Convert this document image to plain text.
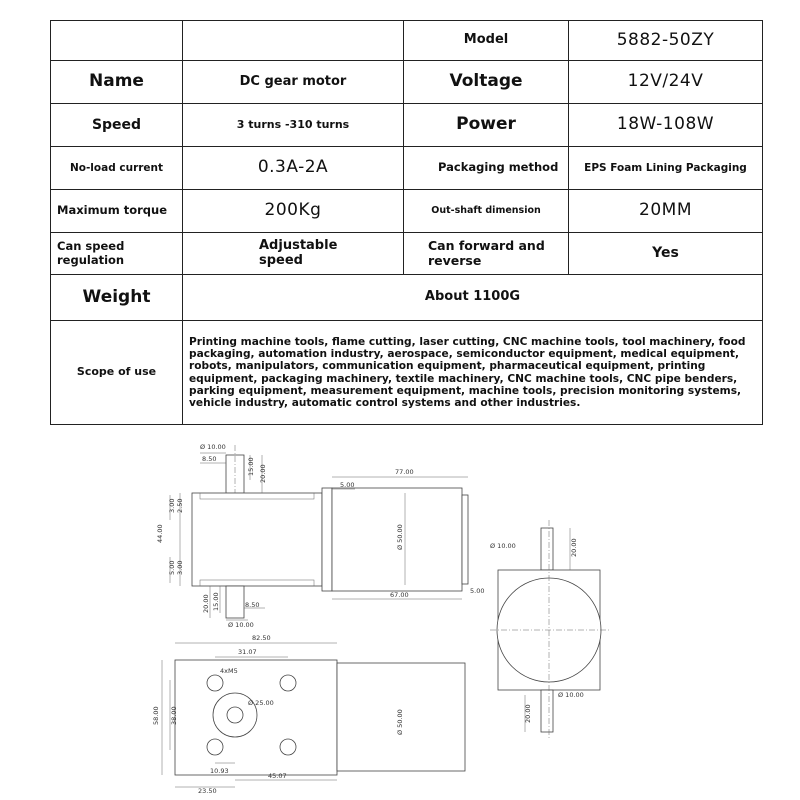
		Model	5882-50ZY
Name	DC gear motor	Voltage	12V/24V
Speed	3 turns -310 turns	Power	18W-108W
No-load current	0.3A-2A	Packaging method	EPS Foam Lining Packaging
Maximum torque	200Kg	Out-shaft dimension	20MM
Can speed regulation	Adjustable speed	Can forward and reverse	Yes
Weight	About 1100G		
Scope of use	Printing machine tools, flame cutting, laser cutting, CNC machine tools, tool machinery, food packaging, automation industry, aerospace, semiconductor equipment, medical equipment, robots, manipulators, communication equipment, pharmaceutical equipment, printing equipment, packaging machinery, textile machinery, CNC machine tools, CNC pipe benders, parking equipment, measurement equipment, machine tools, precision monitoring systems, vehicle industry, automatic control systems and other industries.		
Ø 10.00
8.50	15.00 20.00	77.00
5.00
44.00
3.00 2.50
5.00 3.00
Ø 50.00
67.00
20.00 15.00	8.50
Ø 10.00
Ø 10.00	20.00
5.00
Ø 10.00
20.00
82.50
31.07
4xM5
58.00 38.00
Ø 25.00
Ø 50.00
10.93
45.07
23.50
